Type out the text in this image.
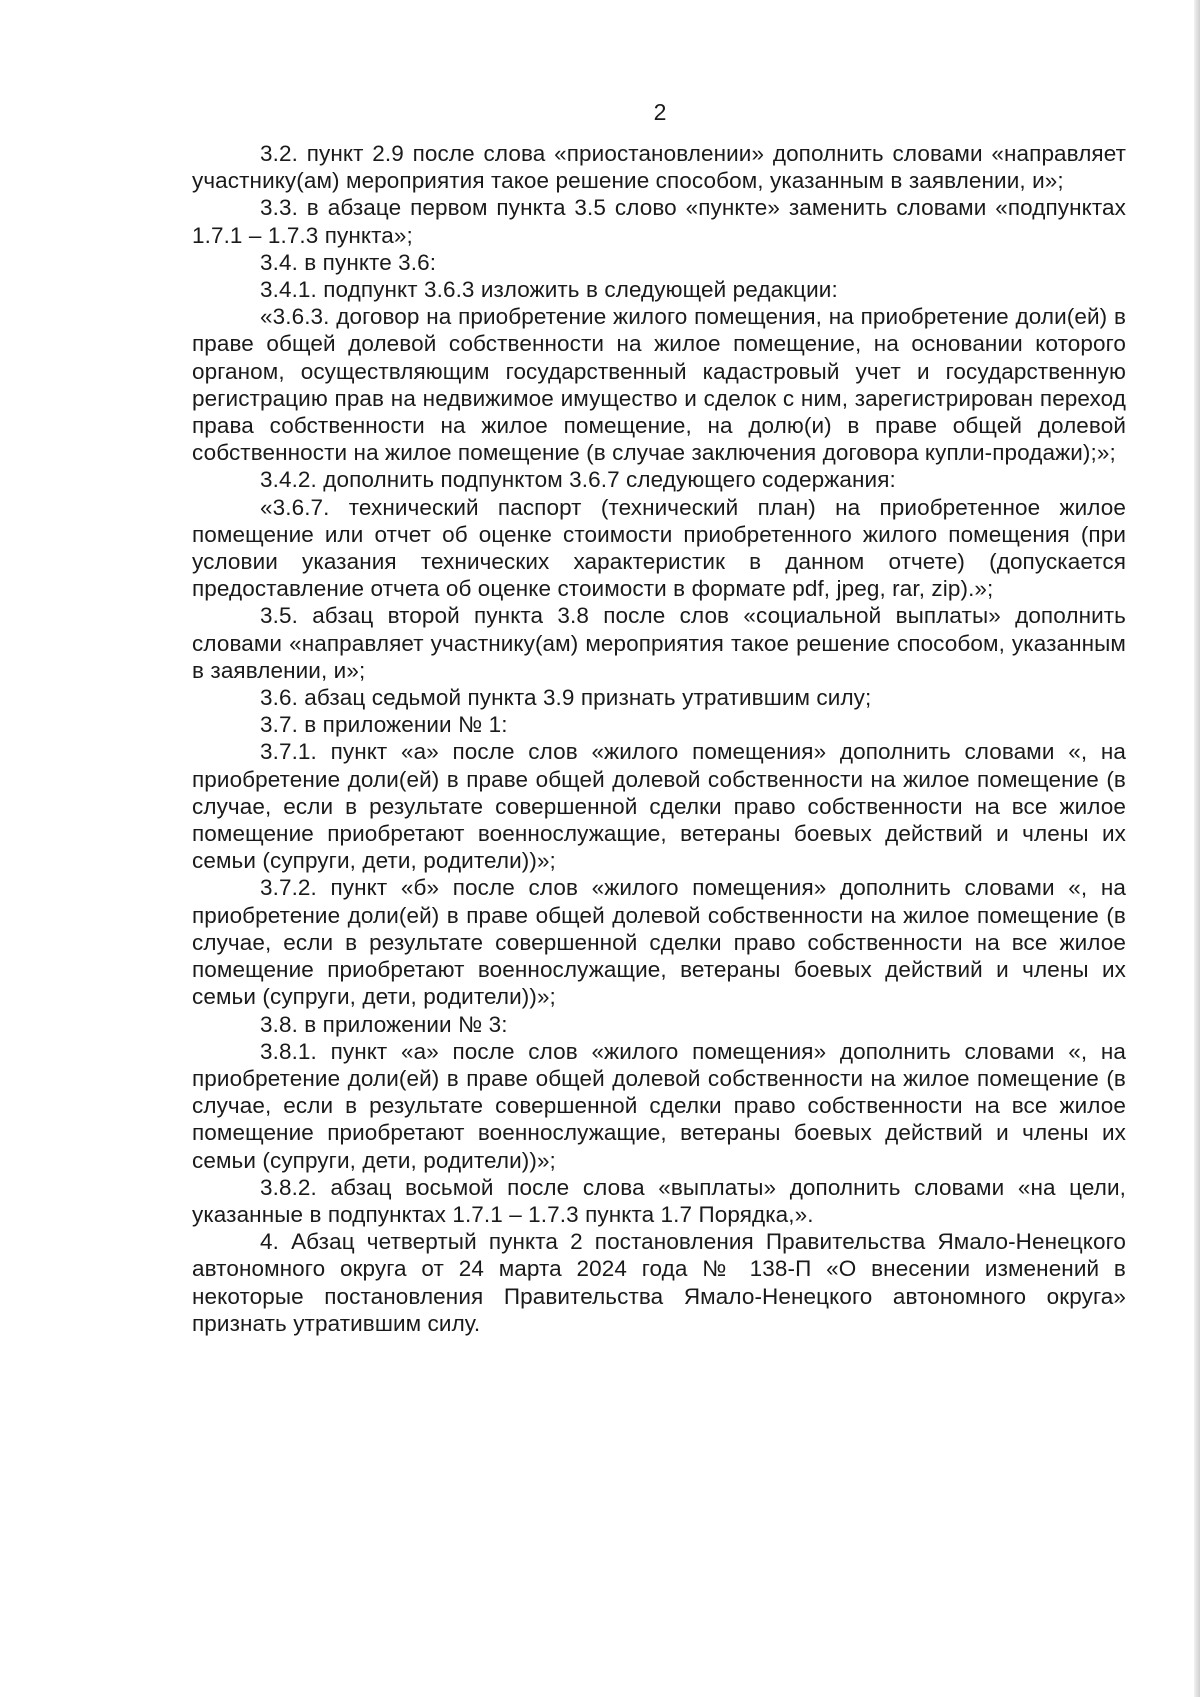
2

3.2. пункт 2.9 после слова «приостановлении» дополнить словами «направляет участнику(ам) мероприятия такое решение способом, указанным в заявлении, и»;

3.3. в абзаце первом пункта 3.5 слово «пункте» заменить словами «подпунктах 1.7.1 – 1.7.3 пункта»;

3.4. в пункте 3.6:

3.4.1. подпункт 3.6.3 изложить в следующей редакции:

«3.6.3. договор на приобретение жилого помещения, на приобретение доли(ей) в праве общей долевой собственности на жилое помещение, на основании которого органом, осуществляющим государственный кадастровый учет и государственную регистрацию прав на недвижимое имущество и сделок с ним, зарегистрирован переход права собственности на жилое помещение, на долю(и) в праве общей долевой собственности на жилое помещение (в случае заключения договора купли-продажи);»;

3.4.2. дополнить подпунктом 3.6.7 следующего содержания:

«3.6.7. технический паспорт (технический план) на приобретенное жилое помещение или отчет об оценке стоимости приобретенного жилого помещения (при условии указания технических характеристик в данном отчете) (допускается предоставление отчета об оценке стоимости в формате pdf, jpeg, rar, zip).»;

3.5. абзац второй пункта 3.8 после слов «социальной выплаты» дополнить словами «направляет участнику(ам) мероприятия такое решение способом, указанным в заявлении, и»;

3.6. абзац седьмой пункта 3.9 признать утратившим силу;

3.7. в приложении № 1:

3.7.1. пункт «а» после слов «жилого помещения» дополнить словами «, на приобретение доли(ей) в праве общей долевой собственности на жилое помещение (в случае, если в результате совершенной сделки право собственности на все жилое помещение приобретают военнослужащие, ветераны боевых действий и члены их семьи (супруги, дети, родители))»;

3.7.2. пункт «б» после слов «жилого помещения» дополнить словами «, на приобретение доли(ей) в праве общей долевой собственности на жилое помещение (в случае, если в результате совершенной сделки право собственности на все жилое помещение приобретают военнослужащие, ветераны боевых действий и члены их семьи (супруги, дети, родители))»;

3.8. в приложении № 3:

3.8.1. пункт «а» после слов «жилого помещения» дополнить словами «, на приобретение доли(ей) в праве общей долевой собственности на жилое помещение (в случае, если в результате совершенной сделки право собственности на все жилое помещение приобретают военнослужащие, ветераны боевых действий и члены их семьи (супруги, дети, родители))»;

3.8.2. абзац восьмой после слова «выплаты» дополнить словами «на цели, указанные в подпунктах 1.7.1 – 1.7.3 пункта 1.7 Порядка,».

4. Абзац четвертый пункта 2 постановления Правительства Ямало-Ненецкого автономного округа от 24 марта 2024 года № 138-П «О внесении изменений в некоторые постановления Правительства Ямало-Ненецкого автономного округа» признать утратившим силу.
